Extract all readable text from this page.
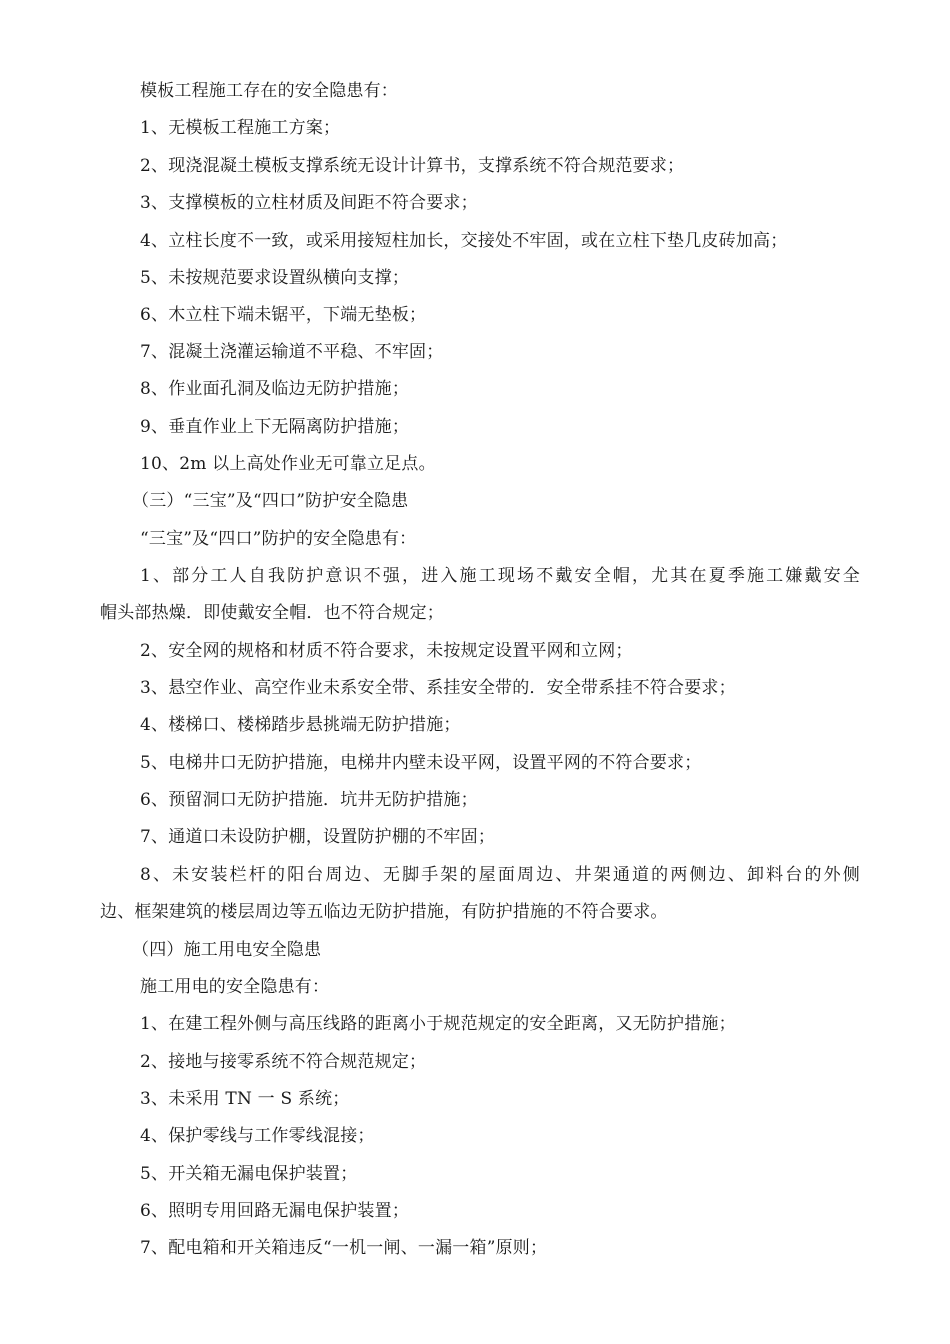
模板工程施工存在的安全隐患有：
1、无模板工程施工方案；
2、现浇混凝土模板支撑系统无设计计算书，支撑系统不符合规范要求；
3、支撑模板的立柱材质及间距不符合要求；
4、立柱长度不一致，或采用接短柱加长，交接处不牢固，或在立柱下垫几皮砖加高；
5、未按规范要求设置纵横向支撑；
6、木立柱下端未锯平，下端无垫板；
7、混凝土浇灌运输道不平稳、不牢固；
8、作业面孔洞及临边无防护措施；
9、垂直作业上下无隔离防护措施；
10、2m 以上高处作业无可靠立足点。
（三）“三宝”及“四口”防护安全隐患
“三宝”及“四口”防护的安全隐患有：
1、部分工人自我防护意识不强，进入施工现场不戴安全帽，尤其在夏季施工嫌戴安全
帽头部热燥．即使戴安全帽．也不符合规定；
2、安全网的规格和材质不符合要求，未按规定设置平网和立网；
3、悬空作业、高空作业未系安全带、系挂安全带的．安全带系挂不符合要求；
4、楼梯口、楼梯踏步悬挑端无防护措施；
5、电梯井口无防护措施，电梯井内壁未设平网，设置平网的不符合要求；
6、预留洞口无防护措施．坑井无防护措施；
7、通道口未设防护棚，设置防护棚的不牢固；
8、未安装栏杆的阳台周边、无脚手架的屋面周边、井架通道的两侧边、卸料台的外侧
边、框架建筑的楼层周边等五临边无防护措施，有防护措施的不符合要求。
（四）施工用电安全隐患
施工用电的安全隐患有：
1、在建工程外侧与高压线路的距离小于规范规定的安全距离，又无防护措施；
2、接地与接零系统不符合规范规定；
3、未采用 TN 一 S 系统；
4、保护零线与工作零线混接；
5、开关箱无漏电保护装置；
6、照明专用回路无漏电保护装置；
7、配电箱和开关箱违反“一机一闸、一漏一箱”原则；
